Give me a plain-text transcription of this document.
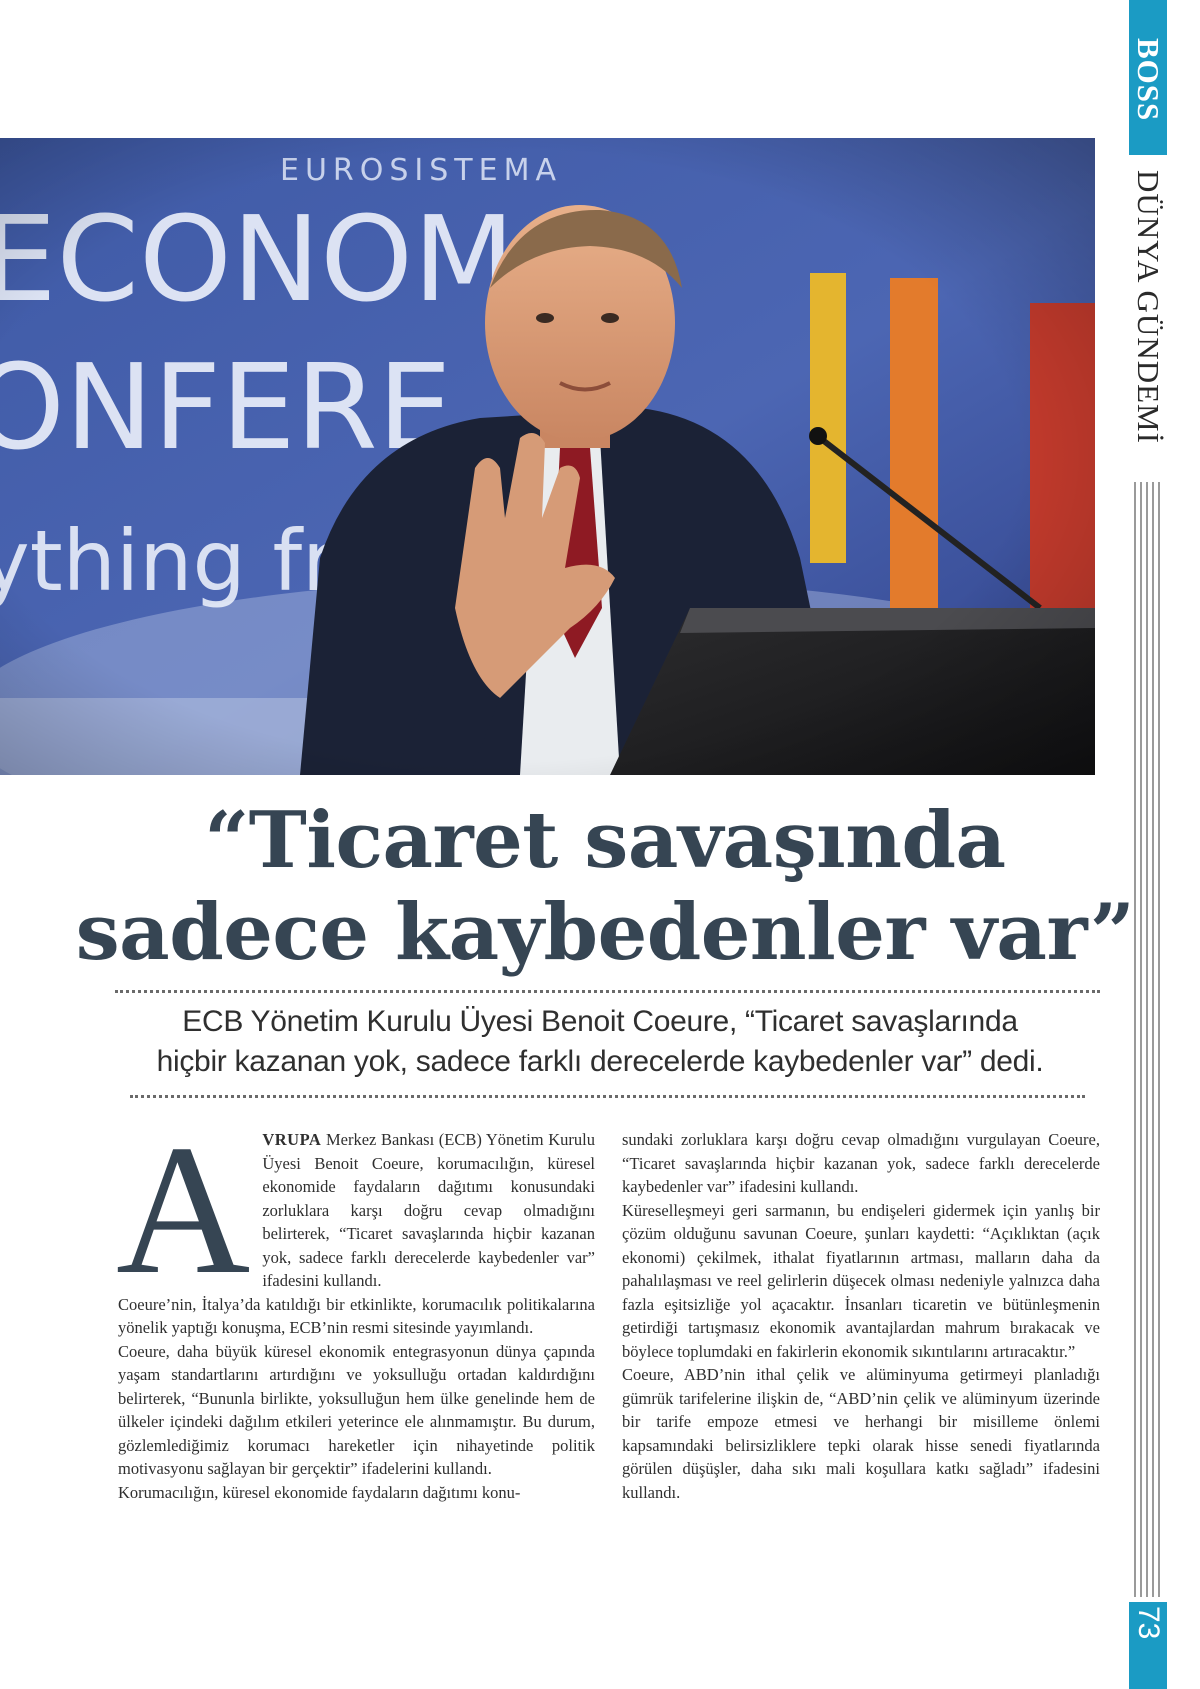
BOSS
DÜNYA GÜNDEMİ
73
“Ticaret savaşında
sadece kaybedenler var”

ECB Yönetim Kurulu Üyesi Benoit Coeure, “Ticaret savaşlarında
hiçbir kazanan yok, sadece farklı derecelerde kaybedenler var” dedi.

A VRUPA Merkez Bankası (ECB) Yönetim Kurulu Üyesi Benoit Coeure, korumacılığın, küresel ekonomide faydaların dağıtımı konusundaki zorluklara karşı doğru cevap olmadığını belirterek, “Ticaret savaşlarında hiçbir kazanan yok, sadece farklı derecelerde kaybedenler var” ifadesini kullandı.

Coeure’nin, İtalya’da katıldığı bir etkinlikte, korumacılık politikalarına yönelik yaptığı konuşma, ECB’nin resmi sitesinde yayımlandı.

Coeure, daha büyük küresel ekonomik entegrasyonun dünya çapında yaşam standartlarını artırdığını ve yoksulluğu ortadan kaldırdığını belirterek, “Bununla birlikte, yoksulluğun hem ülke genelinde hem de ülkeler içindeki dağılım etkileri yeterince ele alınmamıştır. Bu durum, gözlemlediğimiz korumacı hareketler için nihayetinde politik motivasyonu sağlayan bir gerçektir” ifadelerini kullandı.

Korumacılığın, küresel ekonomide faydaların dağıtımı konu-

sundaki zorluklara karşı doğru cevap olmadığını vurgulayan Coeure, “Ticaret savaşlarında hiçbir kazanan yok, sadece farklı derecelerde kaybedenler var” ifadesini kullandı.

Küreselleşmeyi geri sarmanın, bu endişeleri gidermek için yanlış bir çözüm olduğunu savunan Coeure, şunları kaydetti: “Açıklıktan (açık ekonomi) çekilmek, ithalat fiyatlarının artması, malların daha da pahalılaşması ve reel gelirlerin düşecek olması nedeniyle yalnızca daha fazla eşitsizliğe yol açacaktır. İnsanları ticaretin ve bütünleşmenin getirdiği tartışmasız ekonomik avantajlardan mahrum bırakacak ve böylece toplumdaki en fakirlerin ekonomik sıkıntılarını artıracaktır.”

Coeure, ABD’nin ithal çelik ve alüminyuma getirmeyi planladığı gümrük tarifelerine ilişkin de, “ABD’nin çelik ve alüminyum üzerinde bir tarife empoze etmesi ve herhangi bir misilleme önlemi kapsamındaki belirsizliklere tepki olarak hisse senedi fiyatlarında görülen düşüşler, daha sıkı mali koşullara katkı sağladı” ifadesini kullandı.
